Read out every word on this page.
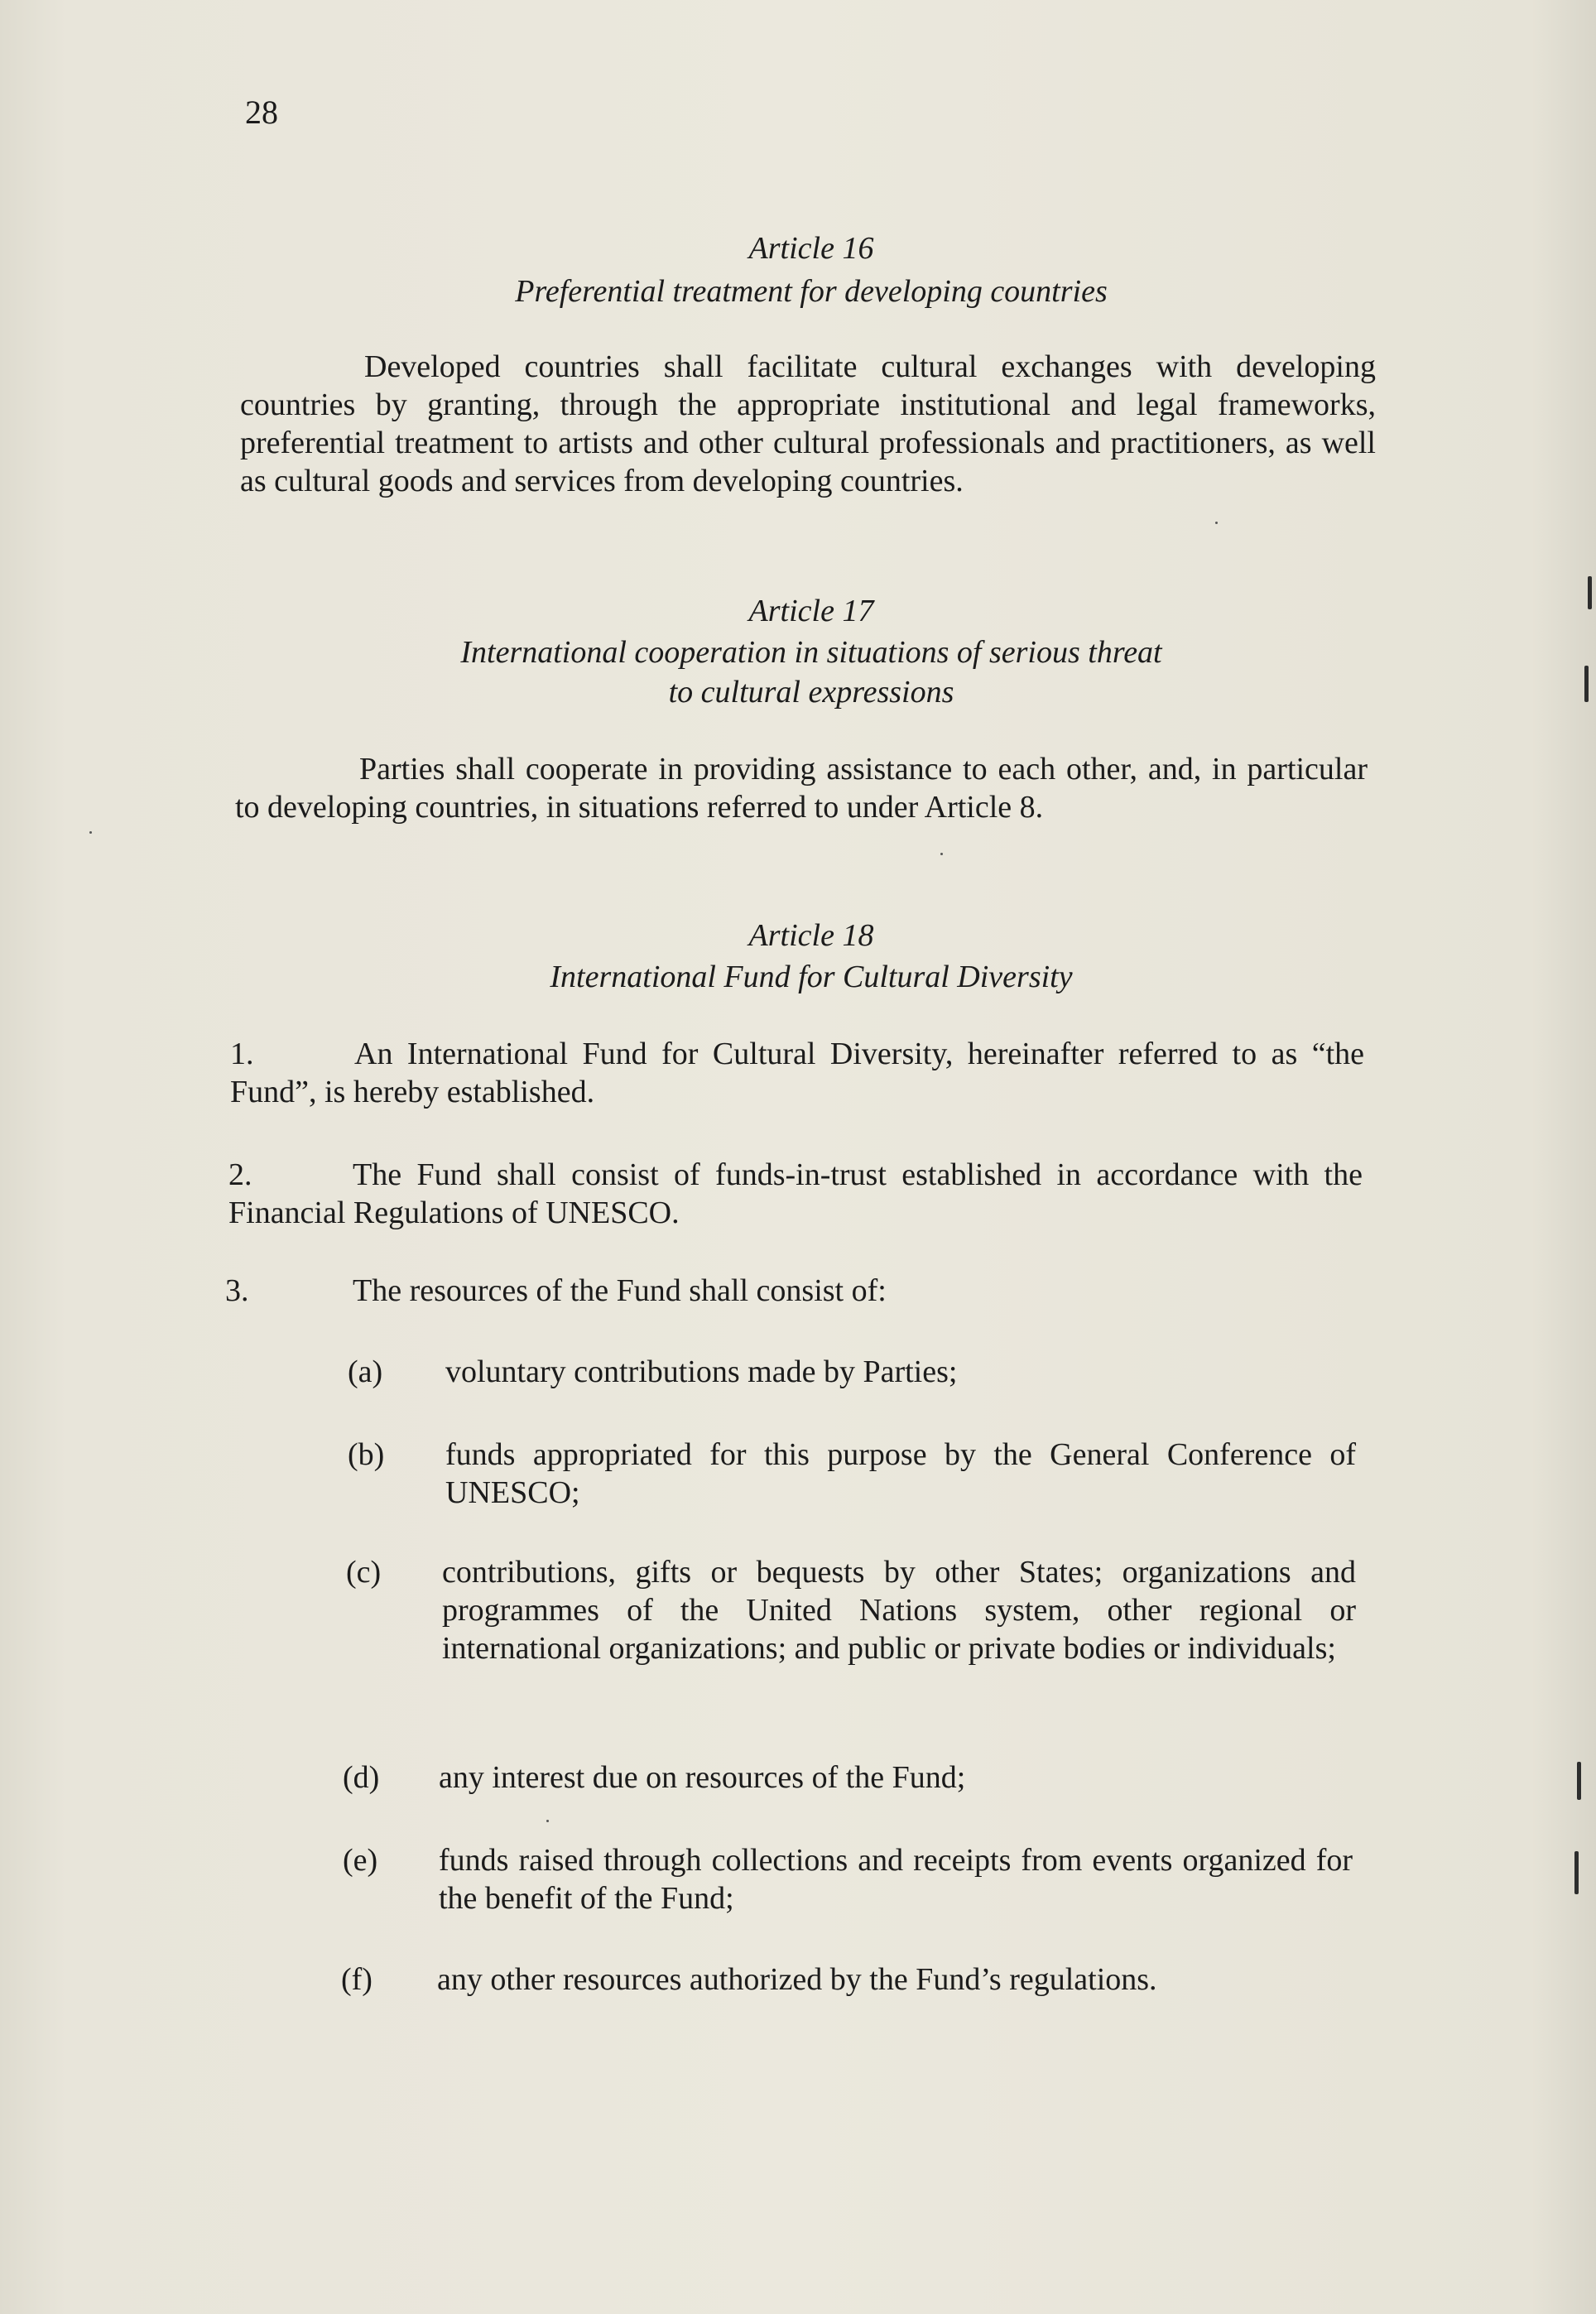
28
Article 16
Preferential treatment for developing countries
Developed countries shall facilitate cultural exchanges with developing countries by granting, through the appropriate institutional and legal frameworks, preferential treatment to artists and other cultural professionals and practitioners, as well as cultural goods and services from developing countries.
Article 17
International cooperation in situations of serious threat
to cultural expressions
Parties shall cooperate in providing assistance to each other, and, in particular to developing countries, in situations referred to under Article 8.
Article 18
International Fund for Cultural Diversity
1.	An International Fund for Cultural Diversity, hereinafter referred to as “the Fund”, is hereby established.
2.	The Fund shall consist of funds-in-trust established in accordance with the Financial Regulations of UNESCO.
3.	The resources of the Fund shall consist of:
(a) voluntary contributions made by Parties;
(b) funds appropriated for this purpose by the General Conference of UNESCO;
(c) contributions, gifts or bequests by other States; organizations and programmes of the United Nations system, other regional or international organizations; and public or private bodies or individuals;
(d) any interest due on resources of the Fund;
(e) funds raised through collections and receipts from events organized for the benefit of the Fund;
(f) any other resources authorized by the Fund’s regulations.
